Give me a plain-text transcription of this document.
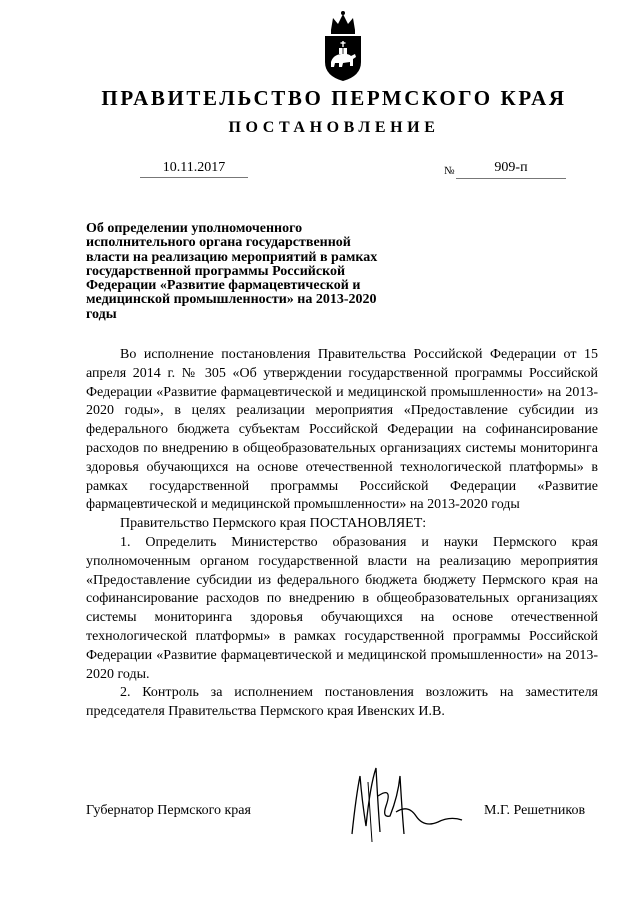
ПРАВИТЕЛЬСТВО ПЕРМСКОГО КРАЯ
ПОСТАНОВЛЕНИЕ
10.11.2017	№	909-п
Об определении уполномоченного исполнительного органа государственной власти на реализацию мероприятий в рамках государственной программы Российской Федерации «Развитие фармацевтической и медицинской промышленности» на 2013-2020 годы

Во исполнение постановления Правительства Российской Федерации от 15 апреля 2014 г. № 305 «Об утверждении государственной программы Российской Федерации «Развитие фармацевтической и медицинской промышленности» на 2013-2020 годы», в целях реализации мероприятия «Предоставление субсидии из федерального бюджета субъектам Российской Федерации на софинансирование расходов по внедрению в общеобразовательных организациях системы мониторинга здоровья обучающихся на основе отечественной технологической платформы» в рамках государственной программы Российской Федерации «Развитие фармацевтической и медицинской промышленности» на 2013-2020 годы

Правительство Пермского края ПОСТАНОВЛЯЕТ:

1. Определить Министерство образования и науки Пермского края уполномоченным органом государственной власти на реализацию мероприятия «Предоставление субсидии из федерального бюджета бюджету Пермского края на софинансирование расходов по внедрению в общеобразовательных организациях системы мониторинга здоровья обучающихся на основе отечественной технологической платформы» в рамках государственной программы Российской Федерации «Развитие фармацевтической и медицинской промышленности» на 2013-2020 годы.

2. Контроль за исполнением постановления возложить на заместителя председателя Правительства Пермского края Ивенских И.В.

Губернатор Пермского края	М.Г. Решетников
